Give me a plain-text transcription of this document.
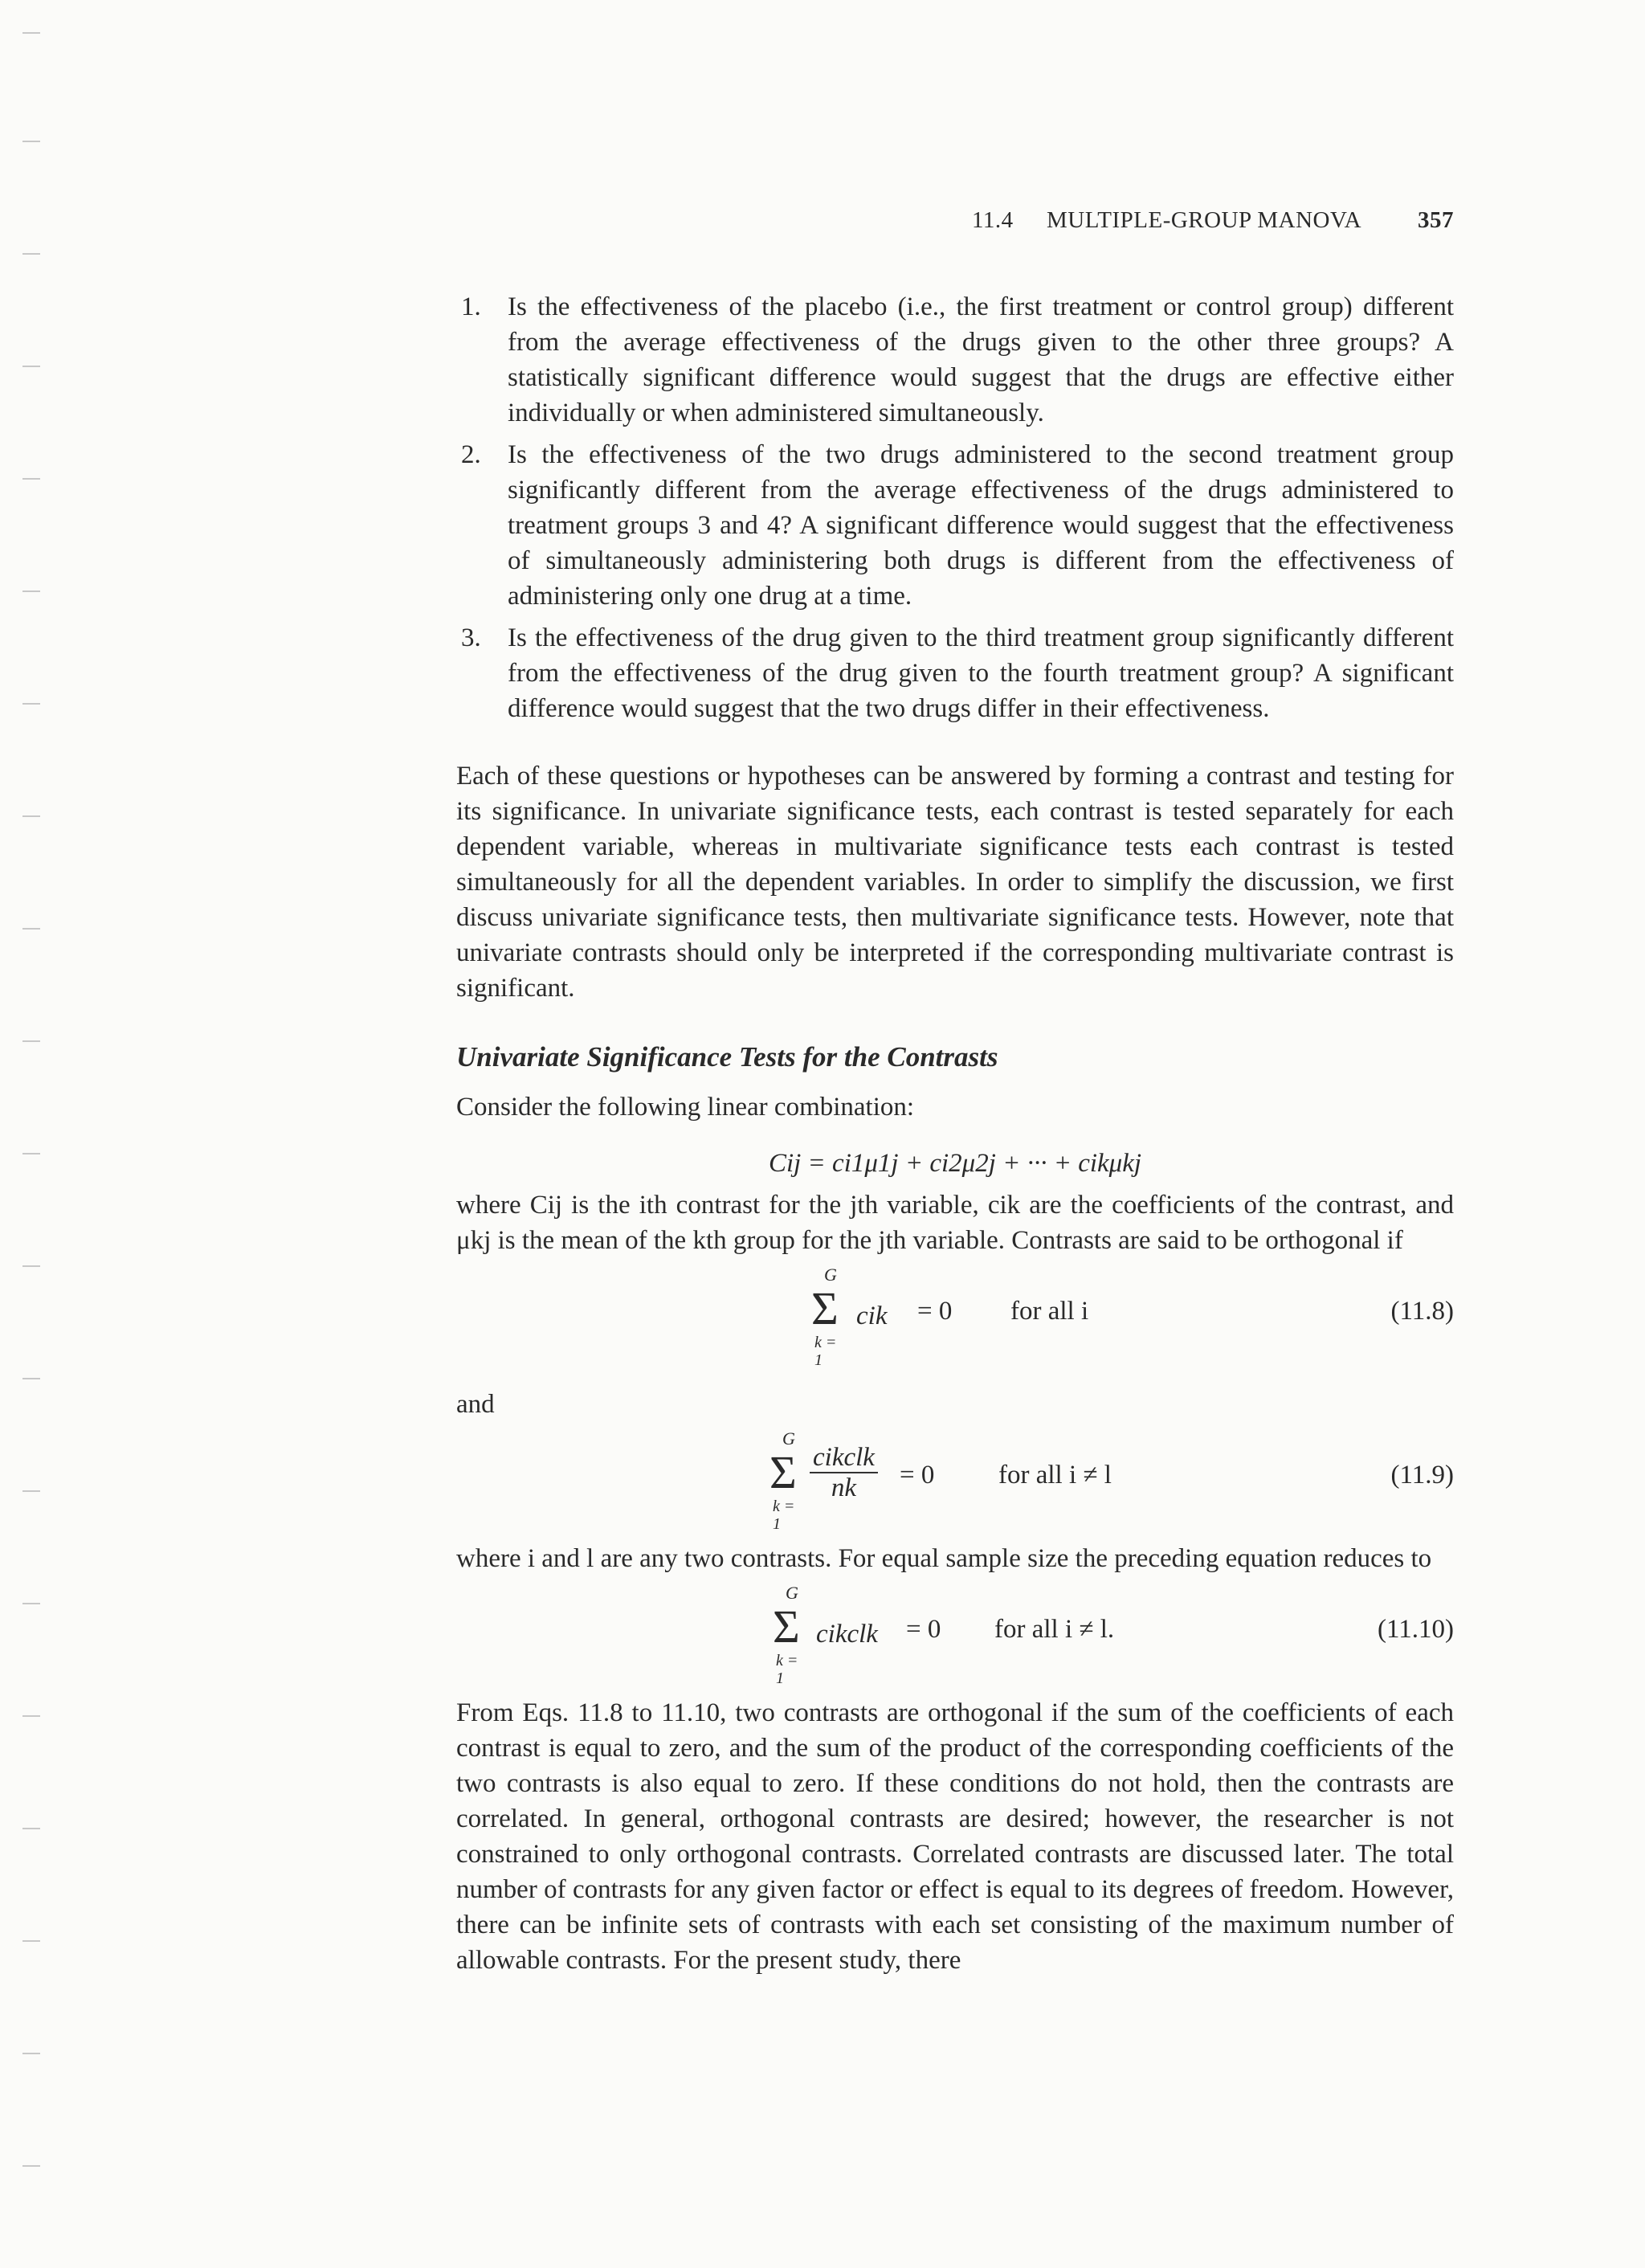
11.4 MULTIPLE-GROUP MANOVA 357
1. Is the effectiveness of the placebo (i.e., the first treatment or control group) different from the average effectiveness of the drugs given to the other three groups? A statistically significant difference would suggest that the drugs are effective either individually or when administered simultaneously.
2. Is the effectiveness of the two drugs administered to the second treatment group significantly different from the average effectiveness of the drugs administered to treatment groups 3 and 4? A significant difference would suggest that the effectiveness of simultaneously administering both drugs is different from the effectiveness of administering only one drug at a time.
3. Is the effectiveness of the drug given to the third treatment group significantly different from the effectiveness of the drug given to the fourth treatment group? A significant difference would suggest that the two drugs differ in their effectiveness.

Each of these questions or hypotheses can be answered by forming a contrast and testing for its significance. In univariate significance tests, each contrast is tested separately for each dependent variable, whereas in multivariate significance tests each contrast is tested simultaneously for all the dependent variables. In order to simplify the discussion, we first discuss univariate significance tests, then multivariate significance tests. However, note that univariate contrasts should only be interpreted if the corresponding multivariate contrast is significant.

Univariate Significance Tests for the Contrasts

Consider the following linear combination:

Cij = ci1μ1j + ci2μ2j + ··· + cikμkj

where Cij is the ith contrast for the jth variable, cik are the coefficients of the contrast, and μkj is the mean of the kth group for the jth variable. Contrasts are said to be orthogonal if

G
Σ
k = 1
cik = 0 for all i	(11.8)

and

G
Σ
k = 1
cikclk
nk	= 0 for all i ≠ l	(11.9)

where i and l are any two contrasts. For equal sample size the preceding equation reduces to

G
Σ
k = 1
cikclk = 0 for all i ≠ l.	(11.10)

From Eqs. 11.8 to 11.10, two contrasts are orthogonal if the sum of the coefficients of each contrast is equal to zero, and the sum of the product of the corresponding coefficients of the two contrasts is also equal to zero. If these conditions do not hold, then the contrasts are correlated. In general, orthogonal contrasts are desired; however, the researcher is not constrained to only orthogonal contrasts. Correlated contrasts are discussed later. The total number of contrasts for any given factor or effect is equal to its degrees of freedom. However, there can be infinite sets of contrasts with each set consisting of the maximum number of allowable contrasts. For the present study, there
